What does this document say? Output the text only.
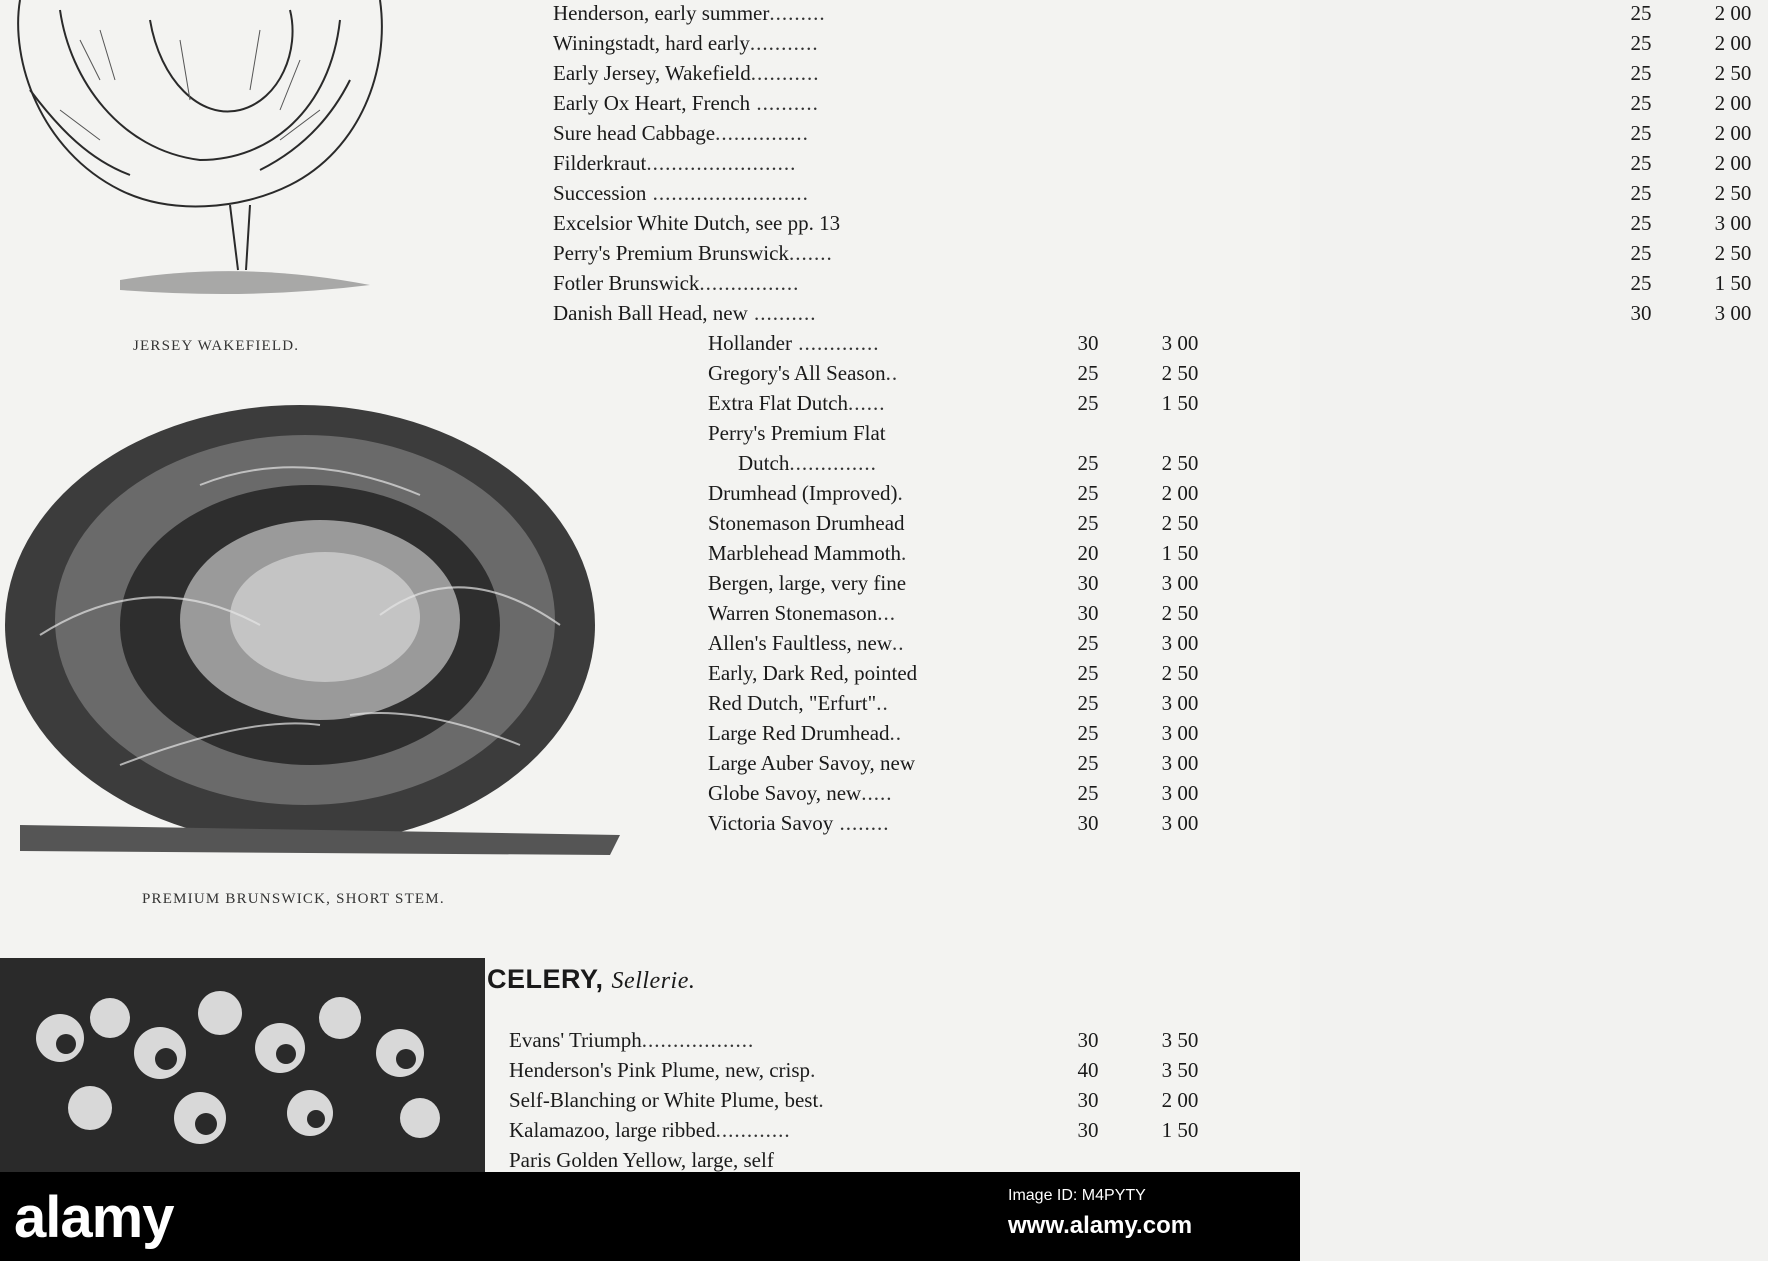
JERSEY WAKEFIELD.
PREMIUM BRUNSWICK, SHORT STEM.
Henderson, early summer.........	25	2 00
Winingstadt, hard early...........	25	2 00
Early Jersey, Wakefield...........	25	2 50
Early Ox Heart, French ..........	25	2 00
Sure head Cabbage...............	25	2 00
Filderkraut........................	25	2 00
Succession .........................	25	2 50
Excelsior White Dutch, see pp. 13	25	3 00
Perry's Premium Brunswick.......	25	2 50
Fotler Brunswick................	25	1 50
Danish Ball Head, new ..........	30	3 00
Hollander .............	30	3 00
Gregory's All Season..	25	2 50
Extra Flat Dutch......	25	1 50
Perry's Premium Flat
Dutch..............	25	2 50
Drumhead (Improved).	25	2 00
Stonemason Drumhead	25	2 50
Marblehead Mammoth.	20	1 50
Bergen, large, very fine	30	3 00
Warren Stonemason...	30	2 50
Allen's Faultless, new..	25	3 00
Early, Dark Red, pointed	25	2 50
Red Dutch, "Erfurt"..	25	3 00
Large Red Drumhead..	25	3 00
Large Auber Savoy, new	25	3 00
Globe Savoy, new.....	25	3 00
Victoria Savoy ........	30	3 00
CELERY, Sellerie.
Evans' Triumph..................	30	3 50
Henderson's Pink Plume, new, crisp.	40	3 50
Self-Blanching or White Plume, best.	30	2 00
Kalamazoo, large ribbed............	30	1 50
Paris Golden Yellow, large, self
alamy	Image ID: M4PYTY
www.alamy.com
